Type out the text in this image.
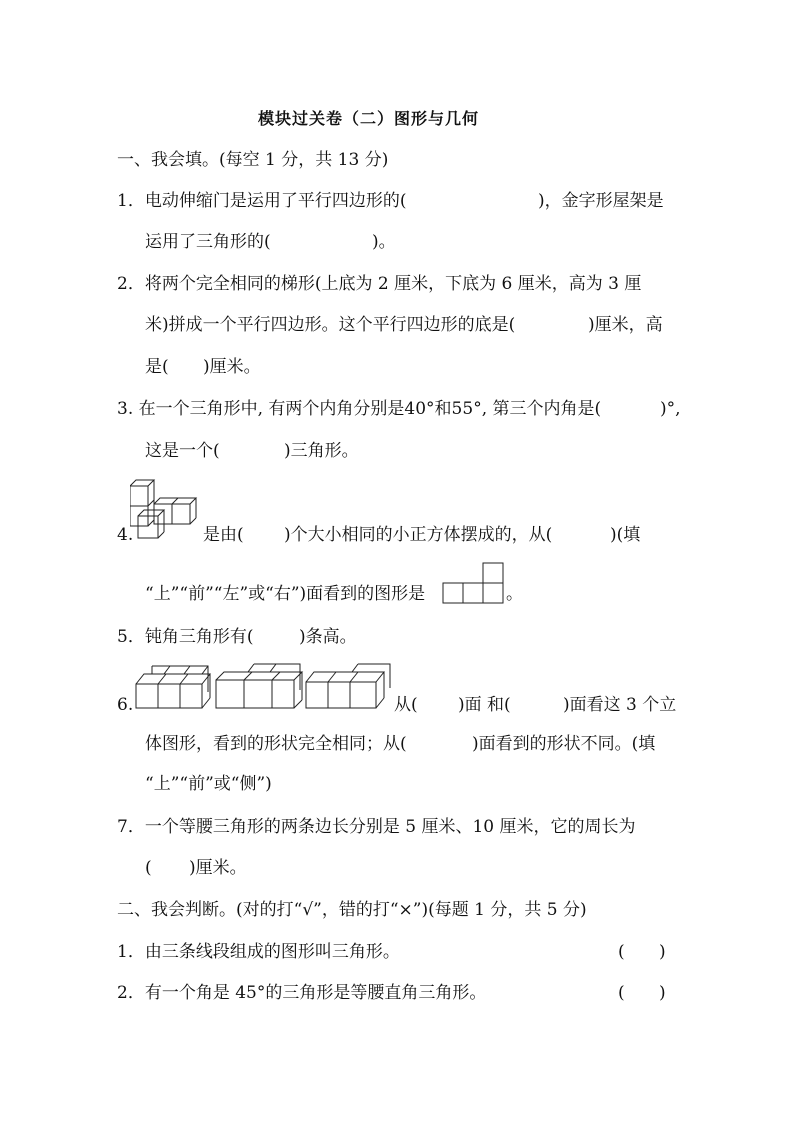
模块过关卷（二）图形与几何
一、我会填。(每空 1 分，共 13 分)
1．电动伸缩门是运用了平行四边形的(	)，金字形屋架是
运用了三角形的(	)。
2．将两个完全相同的梯形(上底为 2 厘米，下底为 6 厘米，高为 3 厘
米)拼成一个平行四边形。这个平行四边形的底是(	)厘米，高
是( )厘米。
3. 在一个三角形中, 有两个内角分别是40°和55°, 第三个内角是(	)°,
这是一个(	)三角形。
4.	是由( )个大小相同的小正方体摆成的，从(	)(填
“上”“前”“左”或“右”)面看到的图形是	。
5．钝角三角形有(	)条高。
6.	从( )面 和(	)面看这 3 个立
体图形，看到的形状完全相同；从(	)面看到的形状不同。(填
“上”“前”或“侧”)
7．一个等腰三角形的两条边长分别是 5 厘米、10 厘米，它的周长为
( )厘米。
二、我会判断。(对的打“√”，错的打“×”)(每题 1 分，共 5 分)
1．由三条线段组成的图形叫三角形。	( )
2．有一个角是 45°的三角形是等腰直角三角形。	( )
